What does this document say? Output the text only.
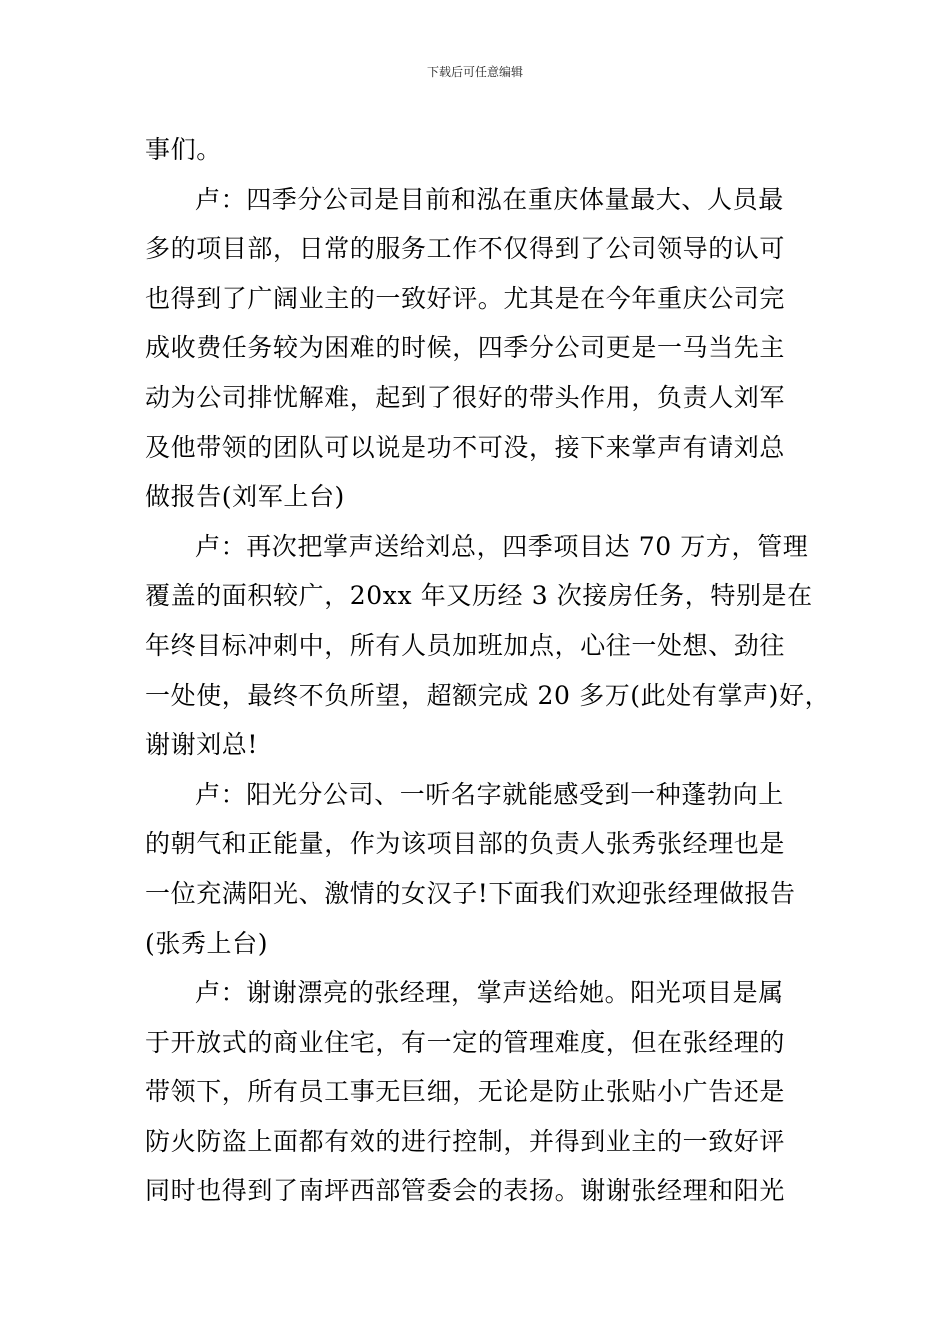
下载后可任意编辑
事们。
卢：四季分公司是目前和泓在重庆体量最大、人员最
多的项目部，日常的服务工作不仅得到了公司领导的认可
也得到了广阔业主的一致好评。尤其是在今年重庆公司完
成收费任务较为困难的时候，四季分公司更是一马当先主
动为公司排忧解难，起到了很好的带头作用，负责人刘军
及他带领的团队可以说是功不可没，接下来掌声有请刘总
做报告(刘军上台)
卢：再次把掌声送给刘总，四季项目达 70 万方，管理
覆盖的面积较广，20xx 年又历经 3 次接房任务，特别是在
年终目标冲刺中，所有人员加班加点，心往一处想、劲往
一处使，最终不负所望，超额完成 20 多万(此处有掌声)好，
谢谢刘总!
卢：阳光分公司、一听名字就能感受到一种蓬勃向上
的朝气和正能量，作为该项目部的负责人张秀张经理也是
一位充满阳光、激情的女汉子!下面我们欢迎张经理做报告
(张秀上台)
卢：谢谢漂亮的张经理，掌声送给她。阳光项目是属
于开放式的商业住宅，有一定的管理难度，但在张经理的
带领下，所有员工事无巨细，无论是防止张贴小广告还是
防火防盗上面都有效的进行控制，并得到业主的一致好评
同时也得到了南坪西部管委会的表扬。谢谢张经理和阳光
